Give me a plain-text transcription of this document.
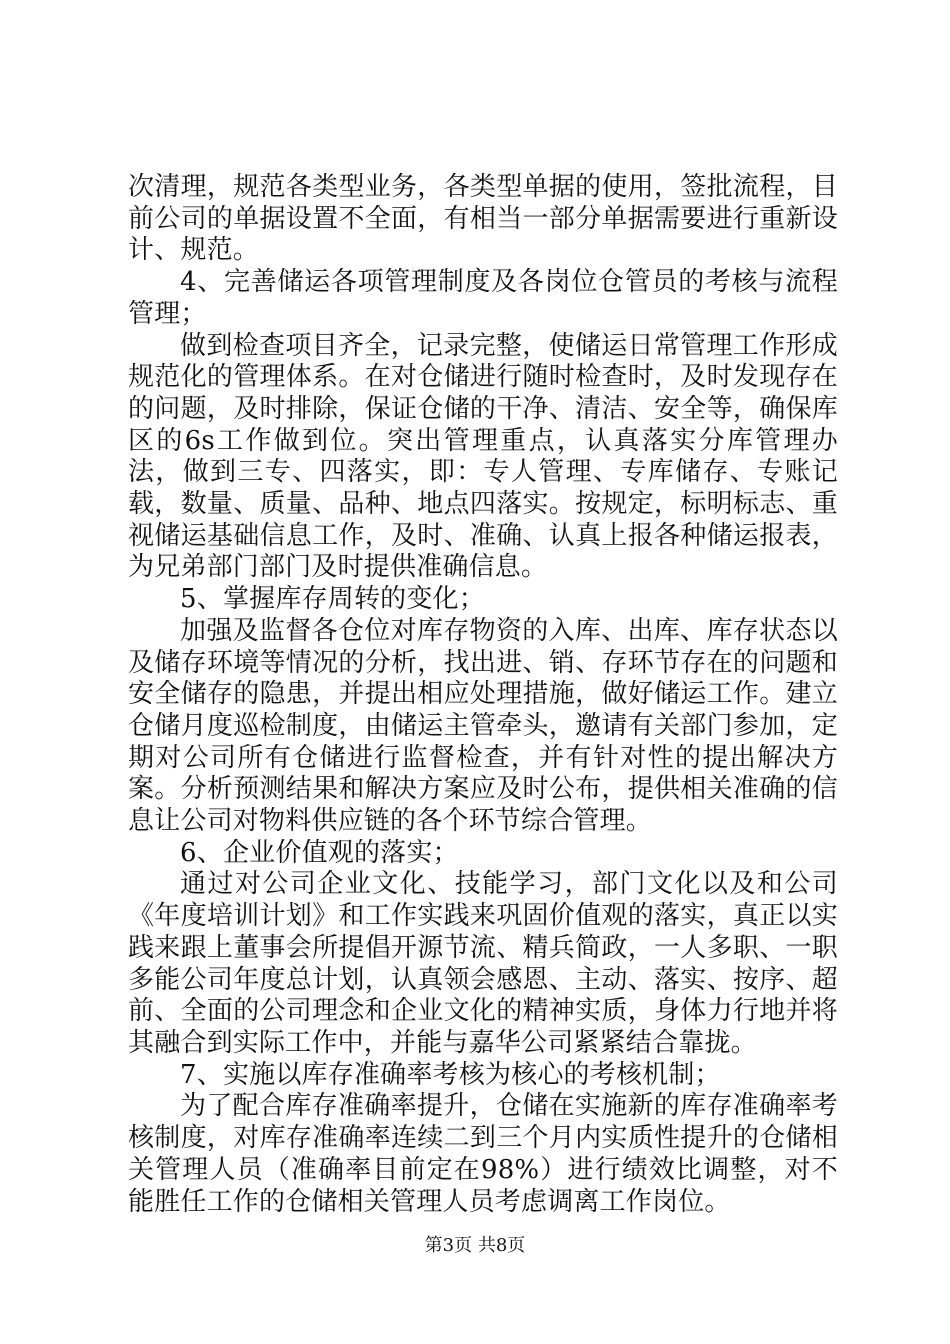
次清理，规范各类型业务，各类型单据的使用，签批流程，目前公司的单据设置不全面，有相当一部分单据需要进行重新设计、规范。

4、完善储运各项管理制度及各岗位仓管员的考核与流程管理；

做到检查项目齐全，记录完整，使储运日常管理工作形成规范化的管理体系。在对仓储进行随时检查时，及时发现存在的问题，及时排除，保证仓储的干净、清洁、安全等，确保库区的6s工作做到位。突出管理重点，认真落实分库管理办法，做到三专、四落实，即：专人管理、专库储存、专账记载，数量、质量、品种、地点四落实。按规定，标明标志、重视储运基础信息工作，及时、准确、认真上报各种储运报表，为兄弟部门部门及时提供准确信息。

5、掌握库存周转的变化；

加强及监督各仓位对库存物资的入库、出库、库存状态以及储存环境等情况的分析，找出进、销、存环节存在的问题和安全储存的隐患，并提出相应处理措施，做好储运工作。建立仓储月度巡检制度，由储运主管牵头，邀请有关部门参加，定期对公司所有仓储进行监督检查，并有针对性的提出解决方案。分析预测结果和解决方案应及时公布，提供相关准确的信息让公司对物料供应链的各个环节综合管理。

6、企业价值观的落实；

通过对公司企业文化、技能学习，部门文化以及和公司《年度培训计划》和工作实践来巩固价值观的落实，真正以实践来跟上董事会所提倡开源节流、精兵简政，一人多职、一职多能公司年度总计划，认真领会感恩、主动、落实、按序、超前、全面的公司理念和企业文化的精神实质，身体力行地并将其融合到实际工作中，并能与嘉华公司紧紧结合靠拢。

7、实施以库存准确率考核为核心的考核机制；

为了配合库存准确率提升，仓储在实施新的库存准确率考核制度，对库存准确率连续二到三个月内实质性提升的仓储相关管理人员（准确率目前定在98%）进行绩效比调整，对不能胜任工作的仓储相关管理人员考虑调离工作岗位。

第3页 共8页
